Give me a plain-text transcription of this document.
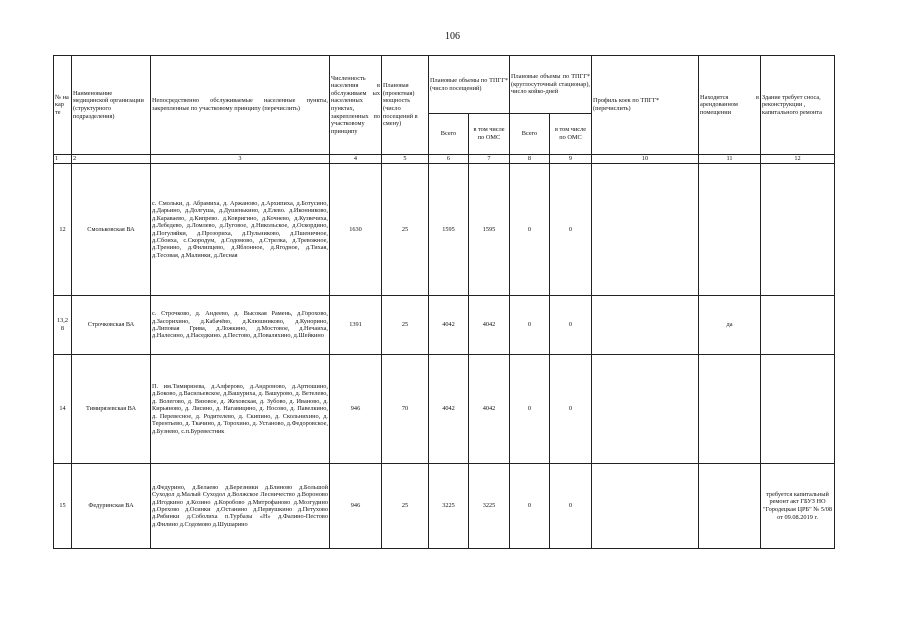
106
№ на кар те	Наименование медицинской организации (структурного подразделения)	Непосредственно обслуживаемые населенные пункты, закрепленные по участковому принципу (перечислить)	Численность населения в обслуживаем ых населенных пунктах, закрепленных по участковому принципу	Плановая (проектная) мощность (число посещений в смену)	Плановые объемы по ТПГГ* (число посещений)		Плановые объемы по ТПГГ* (круглосуточный стационар), число койко-дней		Профиль коек по ТПГГ* (перечислить)	Находится в арендованном помещении	Здание требует сноса, реконструкции , капитального ремонта
					Всего	в том числе по ОМС	Всего	в том числе по ОМС			
1	2	3	4	5	6	7	8	9	10	11	12
12	Смольковская ВА	с. Смольки, д. Абрамиха, д. Аржаново, д.Архипиха, д.Ботусино, д.Дарьино, д.Долгуша, д.Душенькино, д.Елево. д.Иконниково, д.Караваево, д.Кипрево. д.Ковригино, д.Кочнево, д.Кузвечиха, д.Лебедево, д.Ломлево, д.Луговое, д.Никольское, д.Оскордино, д.Погуляйки, д.Прозориха, д.Пульниково, д.Пшеничное, д.Сбоиха, с.Скородум, д.Содомово, д.Стрелка, д.Тревожное, д.Тренино, д.Филипцево, д.Яблонное, д.Ягодное, д.Тихая, д.Тесовая, д.Малинки, д.Лесная	1630	25	1595	1595	0	0			
13,2 8	Строчковская ВА	с. Строчково, д. Андеево, д. Высокая Рамень, д.Горохово, д.Засорихино, д.Кабачёво, д.Клюшниково, д.Кунорино, д.Липовая Грива, д.Ложкино, д.Мостовое, д.Нечаиха, д.Налесино, д.Наседкино. д.Пестово, д.Поваляхино, д.Шейкино	1391	25	4042	4042	0	0		да	
14	Тимирязевская ВА	П. им.Тимирязева, д.Алферово, д.Андроново, д.Артюшино, д.Боково, д.Васильевское, д.Вашуриха, д. Вашурово, д. Ветелево, д. Волегово, д. Вязовое, д. Жеховская, д. Зубово, д. Иваново, д. Кирьяново, д. Лисино, д. Нагавицино, д. Носово, д. Павелкино, д. Перевесное, д. Родителево, д. Скипино, д. Скольнихино, д. Терентьево, д. Ткачино, д. Торохино, д. Установо, д.Федоровское, д.Бузнево, с.п.Буревестник	946	70	4042	4042	0	0			
15	Федуринская ВА	д.Федурино, д.Белаево д.Березники д.Блиново д.Большой Суходол д.Малый Суходол д.Волжское Лесничество д.Вороново д.Игодкино д.Козино д.Коробово д.Митрофаново д.Мозгудино д.Орехово д.Осинки д.Останино д.Первушкино д.Петухово д.Рябинки д.Соболиха п.Турбазы «Н» д.Фалино-Пестово д.Филино д.Содомово д.Шушарино	946	25	3225	3225	0	0			требуется капитальный ремонт акт ГБУЗ НО "Городецкая ЦРБ" № 5/08 от 09.08.2019 г.
